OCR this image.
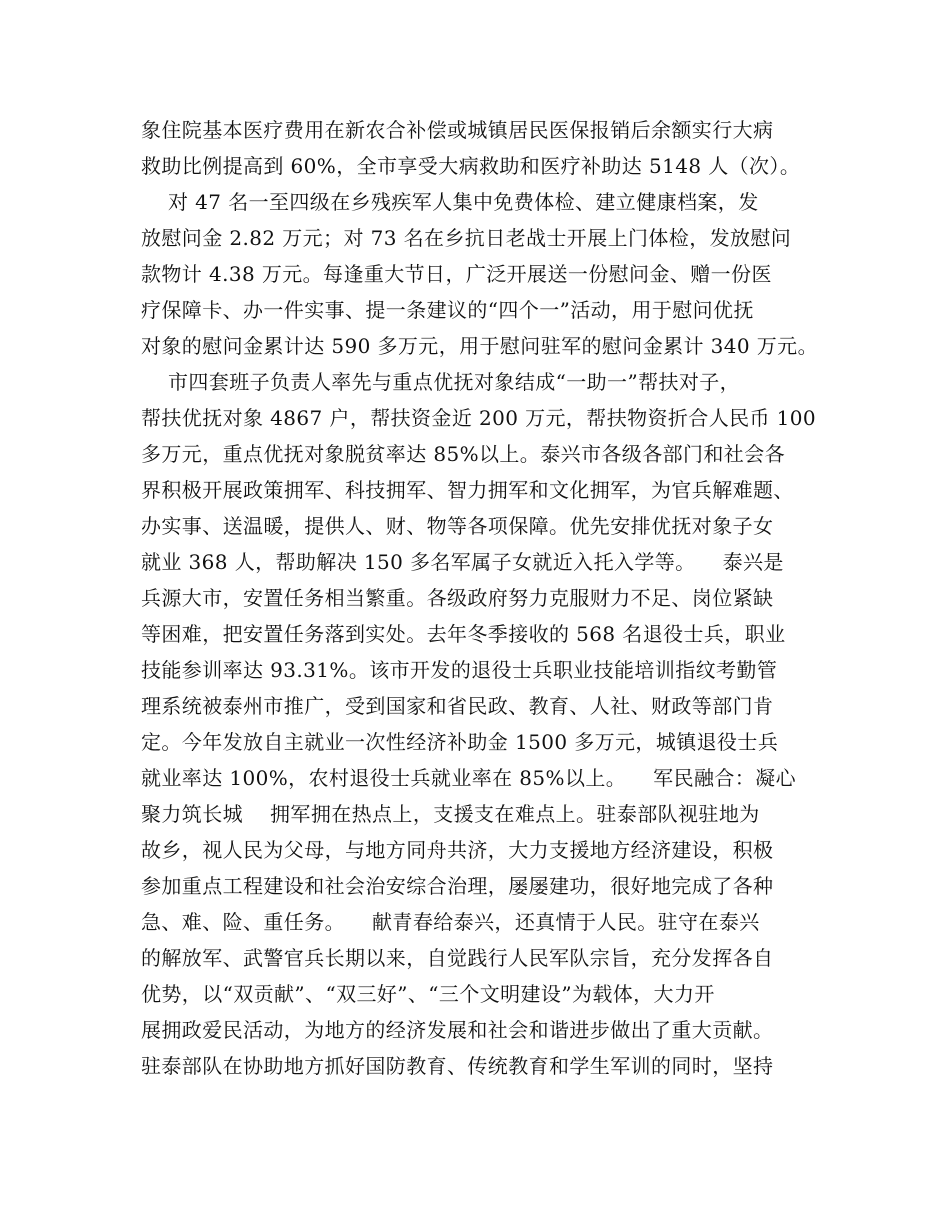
象住院基本医疗费用在新农合补偿或城镇居民医保报销后余额实行大病
救助比例提高到 60%，全市享受大病救助和医疗补助达 5148 人（次）。
对 47 名一至四级在乡残疾军人集中免费体检、建立健康档案，发
放慰问金 2.82 万元；对 73 名在乡抗日老战士开展上门体检，发放慰问
款物计 4.38 万元。每逢重大节日，广泛开展送一份慰问金、赠一份医
疗保障卡、办一件实事、提一条建议的“四个一”活动，用于慰问优抚
对象的慰问金累计达 590 多万元，用于慰问驻军的慰问金累计 340 万元。
市四套班子负责人率先与重点优抚对象结成“一助一”帮扶对子，
帮扶优抚对象 4867 户，帮扶资金近 200 万元，帮扶物资折合人民币 100
多万元，重点优抚对象脱贫率达 85%以上。泰兴市各级各部门和社会各
界积极开展政策拥军、科技拥军、智力拥军和文化拥军，为官兵解难题、
办实事、送温暖，提供人、财、物等各项保障。优先安排优抚对象子女
就业 368 人，帮助解决 150 多名军属子女就近入托入学等。    泰兴是
兵源大市，安置任务相当繁重。各级政府努力克服财力不足、岗位紧缺
等困难，把安置任务落到实处。去年冬季接收的 568 名退役士兵，职业
技能参训率达 93.31%。该市开发的退役士兵职业技能培训指纹考勤管
理系统被泰州市推广，受到国家和省民政、教育、人社、财政等部门肯
定。今年发放自主就业一次性经济补助金 1500 多万元，城镇退役士兵
就业率达 100%，农村退役士兵就业率在 85%以上。    军民融合：凝心
聚力筑长城    拥军拥在热点上，支援支在难点上。驻泰部队视驻地为
故乡，视人民为父母，与地方同舟共济，大力支援地方经济建设，积极
参加重点工程建设和社会治安综合治理，屡屡建功，很好地完成了各种
急、难、险、重任务。    献青春给泰兴，还真情于人民。驻守在泰兴
的解放军、武警官兵长期以来，自觉践行人民军队宗旨，充分发挥各自
优势，以“双贡献”、“双三好”、“三个文明建设”为载体，大力开
展拥政爱民活动，为地方的经济发展和社会和谐进步做出了重大贡献。
驻泰部队在协助地方抓好国防教育、传统教育和学生军训的同时，坚持
